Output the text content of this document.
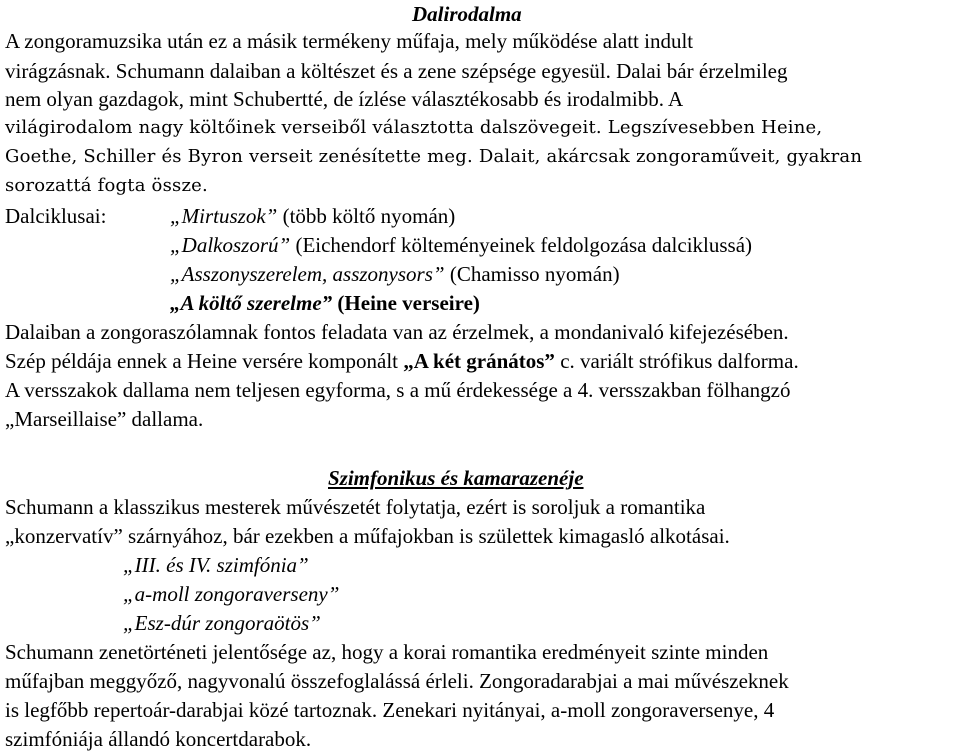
Dalirodalma
A zongoramuzsika után ez a másik termékeny műfaja, mely működése alatt indult
virágzásnak. Schumann dalaiban a költészet és a zene szépsége egyesül. Dalai bár érzelmileg
nem olyan gazdagok, mint Schubertté, de ízlése választékosabb és irodalmibb. A
világirodalom nagy költőinek verseiből választotta dalszövegeit. Legszívesebben Heine,
Goethe, Schiller és Byron verseit zenésítette meg. Dalait, akárcsak zongoraműveit, gyakran
sorozattá fogta össze.
Dalciklusai:	„Mirtuszok” (több költő nyomán)
„Dalkoszorú” (Eichendorf költeményeinek feldolgozása dalciklussá)
„Asszonyszerelem, asszonysors” (Chamisso nyomán)
„A költő szerelme” (Heine verseire)
Dalaiban a zongoraszólamnak fontos feladata van az érzelmek, a mondanivaló kifejezésében.
Szép példája ennek a Heine versére komponált „A két gránátos” c. variált strófikus dalforma.
A versszakok dallama nem teljesen egyforma, s a mű érdekessége a 4. versszakban fölhangzó
„Marseillaise” dallama.
Szimfonikus és kamarazenéje
Schumann a klasszikus mesterek művészetét folytatja, ezért is soroljuk a romantika
„konzervatív” szárnyához, bár ezekben a műfajokban is születtek kimagasló alkotásai.
„III. és IV. szimfónia”
„a-moll zongoraverseny”
„Esz-dúr zongoraötös”
Schumann zenetörténeti jelentősége az, hogy a korai romantika eredményeit szinte minden
műfajban meggyőző, nagyvonalú összefoglalássá érleli. Zongoradarabjai a mai művészeknek
is legfőbb repertoár-darabjai közé tartoznak. Zenekari nyitányai, a-moll zongoraversenye, 4
szimfóniája állandó koncertdarabok.
